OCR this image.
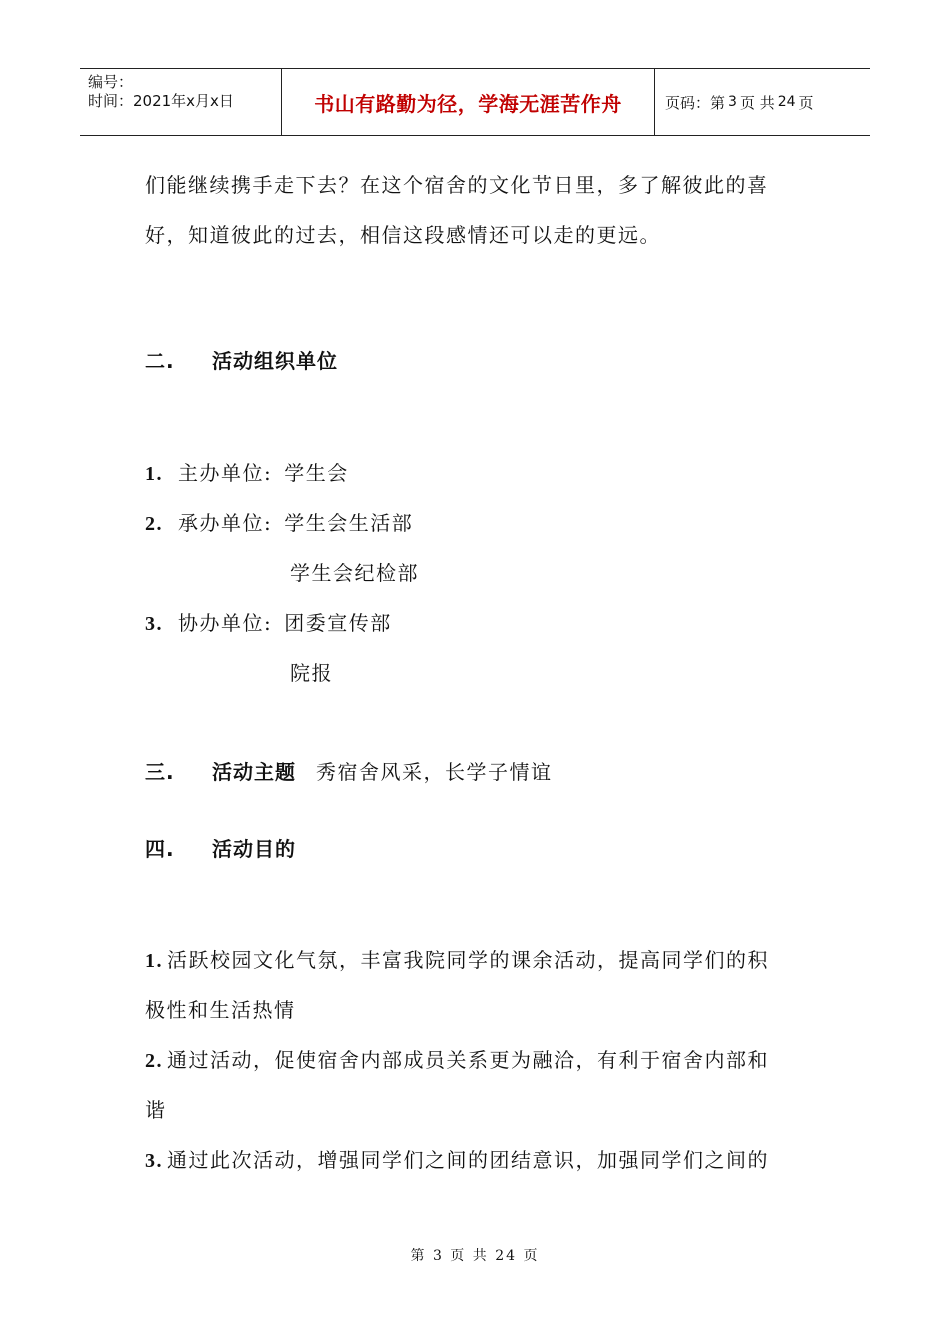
编号：
时间：2021年x月x日	书山有路勤为径，学海无涯苦作舟	页码：第 3 页 共 24 页
们能继续携手走下去？在这个宿舍的文化节日里，多了解彼此的喜
好，知道彼此的过去，相信这段感情还可以走的更远。
二. 活动组织单位
1. 主办单位: 学生会
2. 承办单位: 学生会生活部
学生会纪检部
3. 协办单位: 团委宣传部
院报
三. 活动主题 秀宿舍风采，长学子情谊
四. 活动目的
1. 活跃校园文化气氛，丰富我院同学的课余活动，提高同学们的积
极性和生活热情
2. 通过活动，促使宿舍内部成员关系更为融洽，有利于宿舍内部和
谐
3. 通过此次活动，增强同学们之间的团结意识，加强同学们之间的
第 3 页 共 24 页
